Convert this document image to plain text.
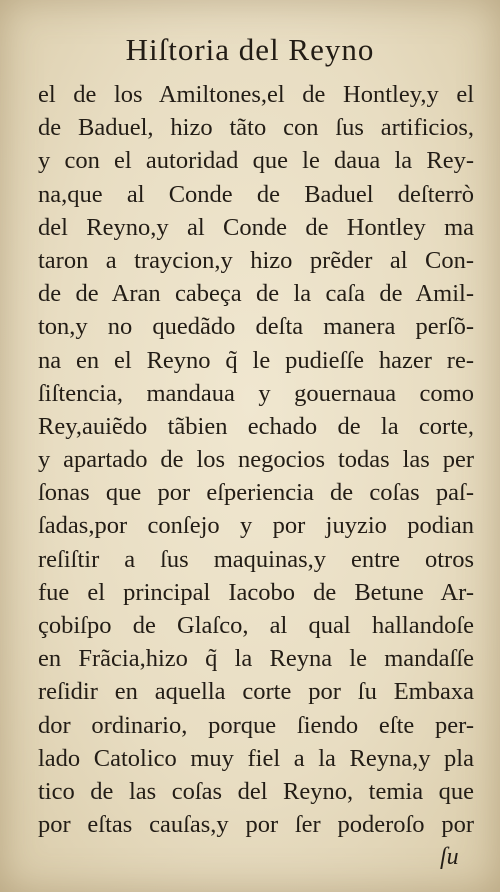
Hiſtoria del Reyno
el de los Amiltones,el de Hontley,y el
de Baduel, hizo tãto con ſus artificios,
y con el autoridad que le daua la Rey-
na,que al Conde de Baduel deſterrò
del Reyno,y al Conde de Hontley ma
taron a traycion,y hizo prẽder al Con-
de de Aran cabeça de la caſa de Amil-
ton,y no quedãdo deſta manera perſõ-
na en el Reyno q̃ le pudieſſe hazer re-
ſiſtencia, mandaua y gouernaua como
Rey,auiẽdo tãbien echado de la corte,
y apartado de los negocios todas las per
ſonas que por eſperiencia de coſas paſ-
ſadas,por conſejo y por juyzio podian
reſiſtir a ſus maquinas,y entre otros
fue el principal Iacobo de Betune Ar-
çobiſpo de Glaſco, al qual hallandoſe
en Frãcia,hizo q̃ la Reyna le mandaſſe
reſidir en aquella corte por ſu Embaxa
dor ordinario, porque ſiendo eſte per-
lado Catolico muy fiel a la Reyna,y pla
tico de las coſas del Reyno, temia que
por eſtas cauſas,y por ſer poderoſo por
ſu
